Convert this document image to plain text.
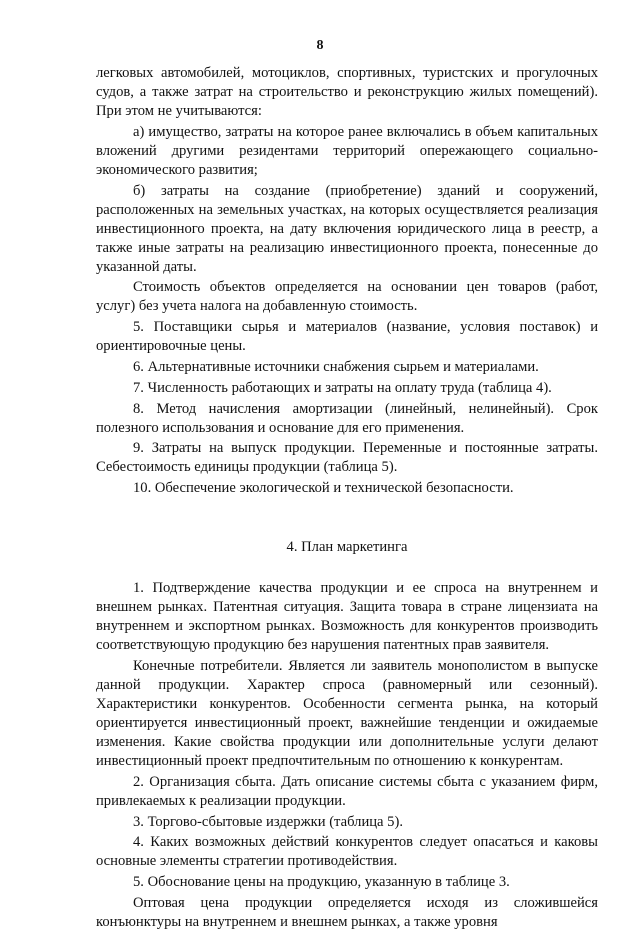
8

легковых автомобилей, мотоциклов, спортивных, туристских и прогулочных судов, а также затрат на строительство и реконструкцию жилых помещений). При этом не учитываются:

а) имущество, затраты на которое ранее включались в объем капитальных вложений другими резидентами территорий опережающего социально-экономического развития;

б) затраты на создание (приобретение) зданий и сооружений, расположенных на земельных участках, на которых осуществляется реализация инвестиционного проекта, на дату включения юридического лица в реестр, а также иные затраты на реализацию инвестиционного проекта, понесенные до указанной даты.

Стоимость объектов определяется на основании цен товаров (работ, услуг) без учета налога на добавленную стоимость.

5. Поставщики сырья и материалов (название, условия поставок) и ориентировочные цены.

6. Альтернативные источники снабжения сырьем и материалами.

7. Численность работающих и затраты на оплату труда (таблица 4).

8. Метод начисления амортизации (линейный, нелинейный). Срок полезного использования и основание для его применения.

9. Затраты на выпуск продукции. Переменные и постоянные затраты. Себестоимость единицы продукции (таблица 5).

10. Обеспечение экологической и технической безопасности.

4. План маркетинга

1. Подтверждение качества продукции и ее спроса на внутреннем и внешнем рынках. Патентная ситуация. Защита товара в стране лицензиата на внутреннем и экспортном рынках. Возможность для конкурентов производить соответствующую продукцию без нарушения патентных прав заявителя.

Конечные потребители. Является ли заявитель монополистом в выпуске данной продукции. Характер спроса (равномерный или сезонный). Характеристики конкурентов. Особенности сегмента рынка, на который ориентируется инвестиционный проект, важнейшие тенденции и ожидаемые изменения. Какие свойства продукции или дополнительные услуги делают инвестиционный проект предпочтительным по отношению к конкурентам.

2. Организация сбыта. Дать описание системы сбыта с указанием фирм, привлекаемых к реализации продукции.

3. Торгово-сбытовые издержки (таблица 5).

4. Каких возможных действий конкурентов следует опасаться и каковы основные элементы стратегии противодействия.

5. Обоснование цены на продукцию, указанную в таблице 3.

Оптовая цена продукции определяется исходя из сложившейся конъюнктуры на внутреннем и внешнем рынках, а также уровня
